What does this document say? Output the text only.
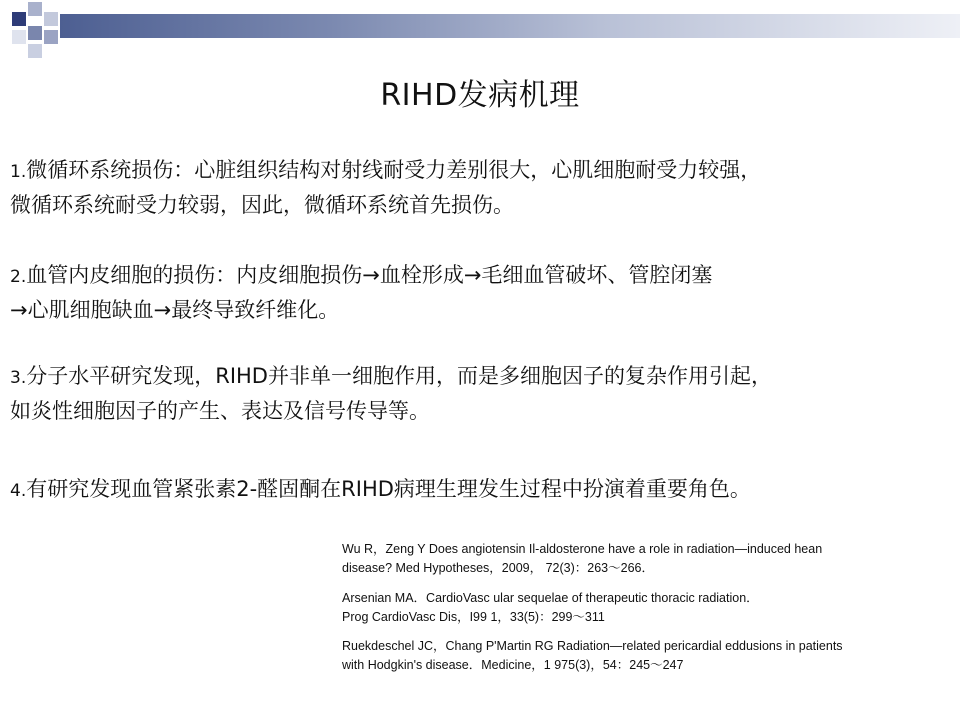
RIHD发病机理
1.微循环系统损伤：心脏组织结构对射线耐受力差别很大，心肌细胞耐受力较强，
微循环系统耐受力较弱，因此，微循环系统首先损伤。
2.血管内皮细胞的损伤：内皮细胞损伤→血栓形成→毛细血管破坏、管腔闭塞
→心肌细胞缺血→最终导致纤维化。
3.分子水平研究发现，RIHD并非单一细胞作用，而是多细胞因子的复杂作用引起，
如炎性细胞因子的产生、表达及信号传导等。
4.有研究发现血管紧张素2-醛固酮在RIHD病理生理发生过程中扮演着重要角色。
Wu R，Zeng Y Does angiotensin Il-aldosterone have a role in radiation—induced hean
disease? Med Hypotheses，2009， 72(3)：263～266．
Arsenian MA．CardioVasc ular sequelae of therapeutic thoracic radiation．
Prog CardioVasc Dis，I99 1，33(5)：299～311
Ruekdeschel JC，Chang P'Martin RG Radiation—related pericardial eddusions in patients
with Hodgkin's disease．Medicine，1 975(3)，54：245～247
